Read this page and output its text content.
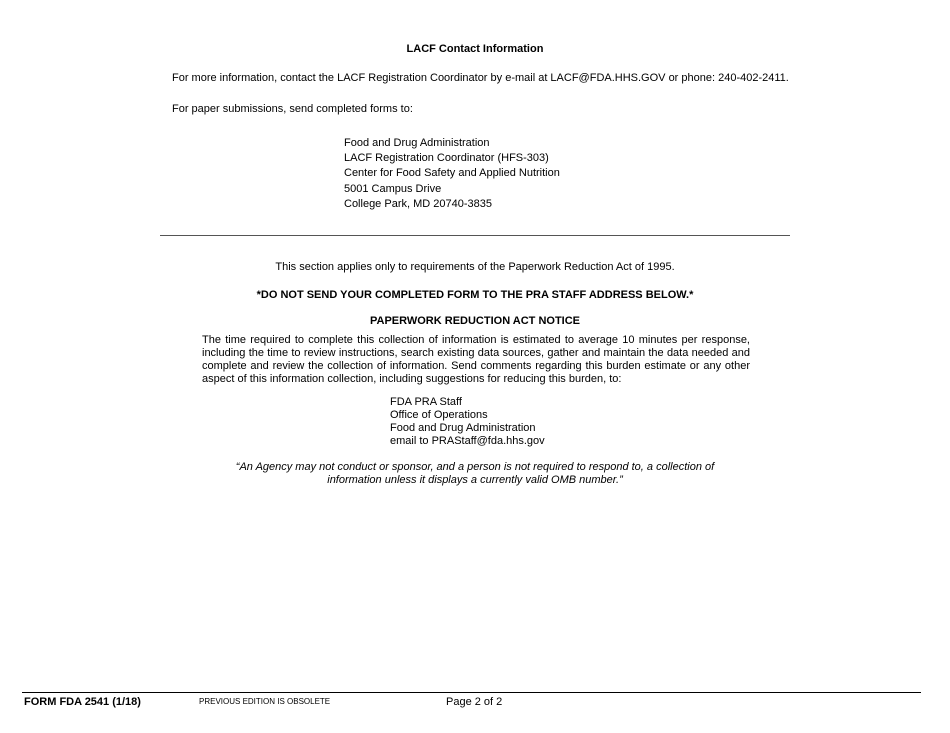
LACF Contact Information
For more information, contact the LACF Registration Coordinator by e-mail at LACF@FDA.HHS.GOV or phone: 240-402-2411.
For paper submissions, send completed forms to:
Food and Drug Administration
LACF Registration Coordinator (HFS-303)
Center for Food Safety and Applied Nutrition
5001 Campus Drive
College Park, MD 20740-3835
This section applies only to requirements of the Paperwork Reduction Act of 1995.
*DO NOT SEND YOUR COMPLETED FORM TO THE PRA STAFF ADDRESS BELOW.*
PAPERWORK REDUCTION ACT NOTICE
The time required to complete this collection of information is estimated to average 10 minutes per response, including the time to review instructions, search existing data sources, gather and maintain the data needed and complete and review the collection of information. Send comments regarding this burden estimate or any other aspect of this information collection, including suggestions for reducing this burden, to:
FDA PRA Staff
Office of Operations
Food and Drug Administration
email to PRAStaff@fda.hhs.gov
“An Agency may not conduct or sponsor, and a person is not required to respond to, a collection of information unless it displays a currently valid OMB number.”
FORM FDA 2541 (1/18)	PREVIOUS EDITION IS OBSOLETE	Page 2 of 2
